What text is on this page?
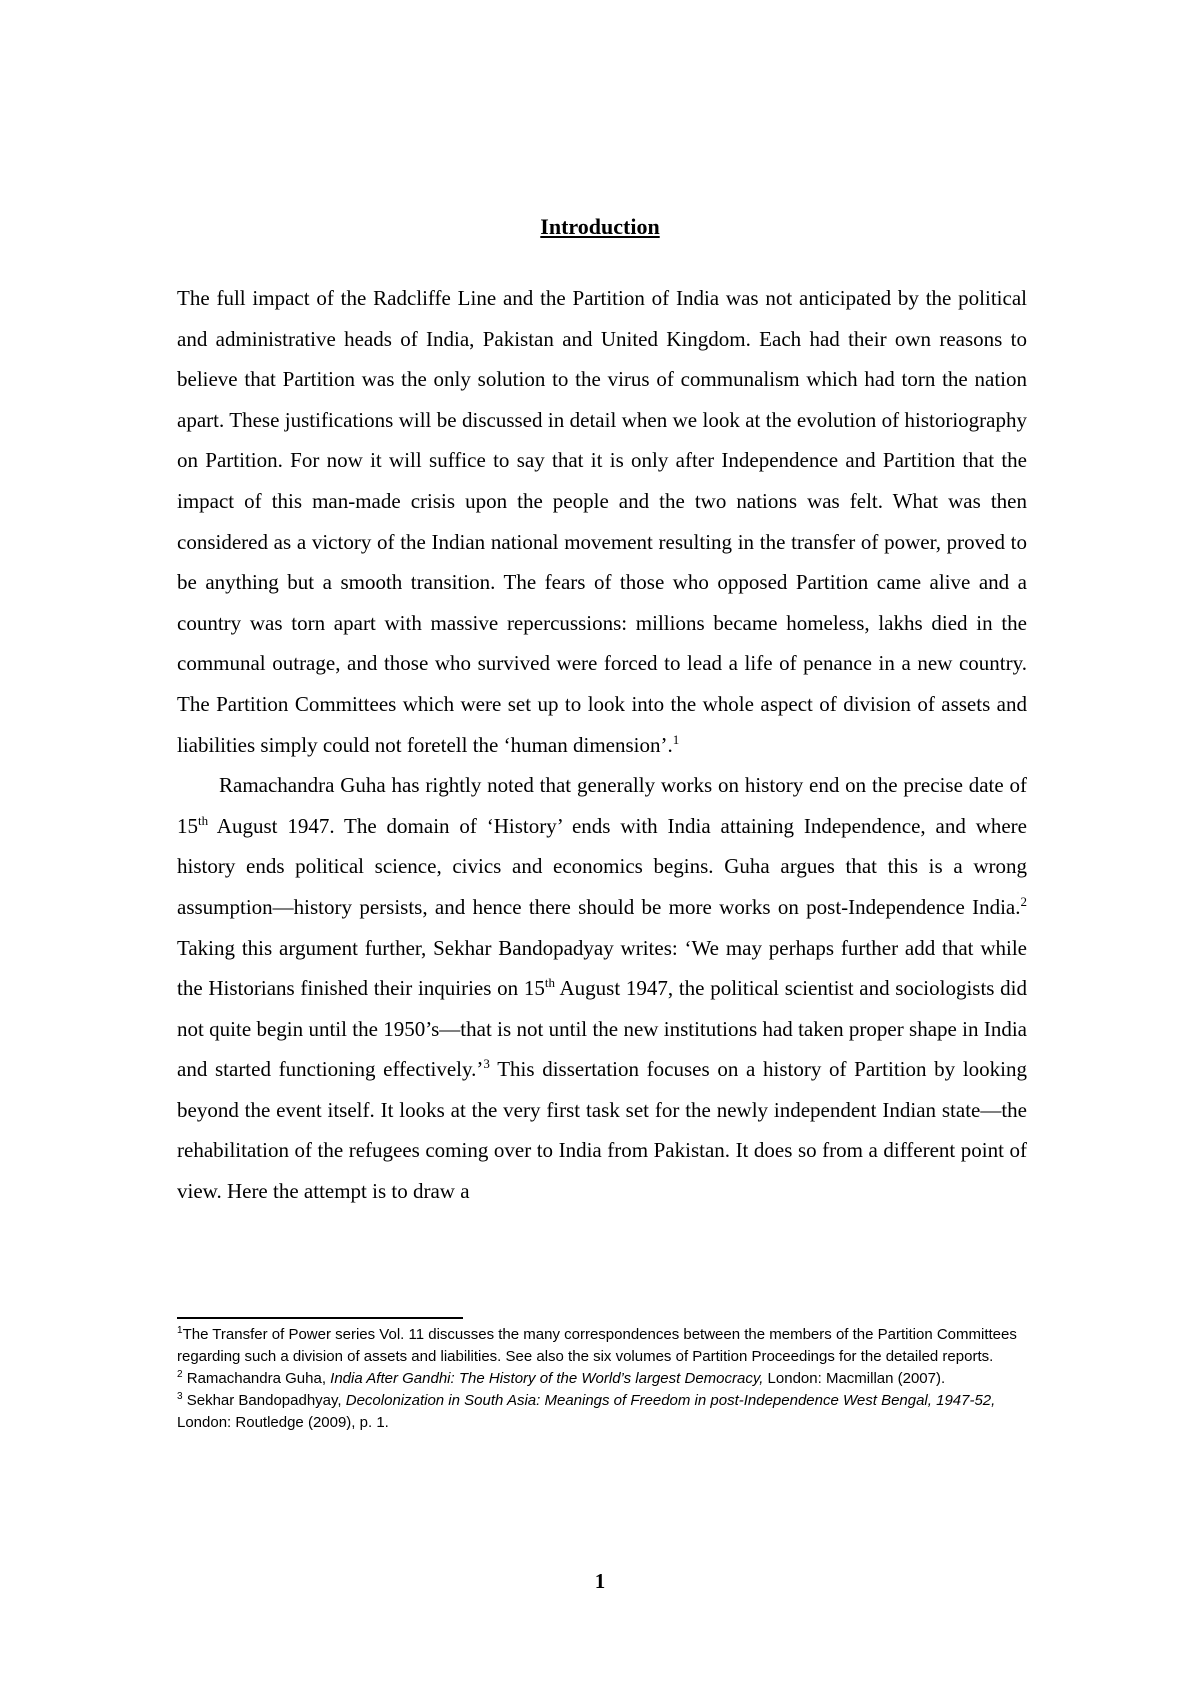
Introduction

The full impact of the Radcliffe Line and the Partition of India was not anticipated by the political and administrative heads of India, Pakistan and United Kingdom. Each had their own reasons to believe that Partition was the only solution to the virus of communalism which had torn the nation apart. These justifications will be discussed in detail when we look at the evolution of historiography on Partition. For now it will suffice to say that it is only after Independence and Partition that the impact of this man-made crisis upon the people and the two nations was felt. What was then considered as a victory of the Indian national movement resulting in the transfer of power, proved to be anything but a smooth transition. The fears of those who opposed Partition came alive and a country was torn apart with massive repercussions: millions became homeless, lakhs died in the communal outrage, and those who survived were forced to lead a life of penance in a new country. The Partition Committees which were set up to look into the whole aspect of division of assets and liabilities simply could not foretell the ‘human dimension’.$^1$

Ramachandra Guha has rightly noted that generally works on history end on the precise date of 15th August 1947. The domain of ‘History’ ends with India attaining Independence, and where history ends political science, civics and economics begins. Guha argues that this is a wrong assumption—history persists, and hence there should be more works on post-Independence India.$^2$ Taking this argument further, Sekhar Bandopadyay writes: ‘We may perhaps further add that while the Historians finished their inquiries on 15th August 1947, the political scientist and sociologists did not quite begin until the 1950’s—that is not until the new institutions had taken proper shape in India and started functioning effectively.’$^3$ This dissertation focuses on a history of Partition by looking beyond the event itself. It looks at the very first task set for the newly independent Indian state—the rehabilitation of the refugees coming over to India from Pakistan. It does so from a different point of view. Here the attempt is to draw a

$^1$The Transfer of Power series Vol. 11 discusses the many correspondences between the members of the Partition Committees regarding such a division of assets and liabilities. See also the six volumes of Partition Proceedings for the detailed reports.

$^2$ Ramachandra Guha, India After Gandhi: The History of the World’s largest Democracy, London: Macmillan (2007).

$^3$ Sekhar Bandopadhyay, Decolonization in South Asia: Meanings of Freedom in post-Independence West Bengal, 1947-52, London: Routledge (2009), p. 1.

1
